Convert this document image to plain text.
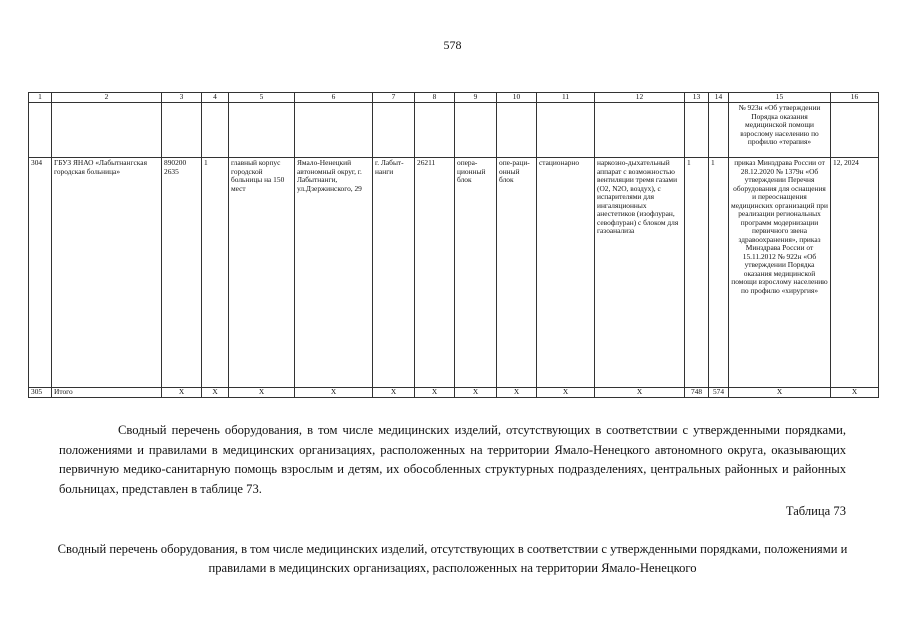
578
1	2	3	4	5	6	7	8	9	10	11	12	13	14	15	16
														№ 923н «Об утверждении Порядка оказания медицинской помощи взрослому населению по профилю «терапия»	
304	ГБУЗ ЯНАО «Лабытнангская городская больница»	890200 2635	1	главный корпус городской больницы на 150 мест	Ямало-Ненецкий автономный округ, г. Лабытнанги, ул.Дзержинского, 29	г. Лабыт-нанги	26211	опера-ционный блок	опе-раци-онный блок	стационарно	наркозно-дыхательный аппарат с возможностью вентиляции тремя газами (О2, N2O, воздух), с испарителями для ингаляционных анестетиков (изофлуран, севофлуран) с блоком для газоанализа	1	1	приказ Минздрава России от 28.12.2020 № 1379н «Об утверждении Перечня оборудования для оснащения и переоснащения медицинских организаций при реализации региональных программ модернизации первичного звена здравоохранения», приказ Минздрава России от 15.11.2012 № 922н «Об утверждении Порядка оказания медицинской помощи взрослому населению по профилю «хирургия»	12, 2024
305	Итого	Х	Х	Х	Х	Х	Х	Х	Х	Х	Х	748	574	Х	Х
Сводный перечень оборудования, в том числе медицинских изделий, отсутствующих в соответствии с утвержденными порядками, положениями и правилами в медицинских организациях, расположенных на территории Ямало-Ненецкого автономного округа, оказывающих первичную медико-санитарную помощь взрослым и детям, их обособленных структурных подразделениях, центральных районных и районных больницах, представлен в таблице 73.
Таблица 73
Сводный перечень оборудования, в том числе медицинских изделий, отсутствующих в соответствии с утвержденными порядками, положениями и правилами в медицинских организациях, расположенных на территории Ямало-Ненецкого
